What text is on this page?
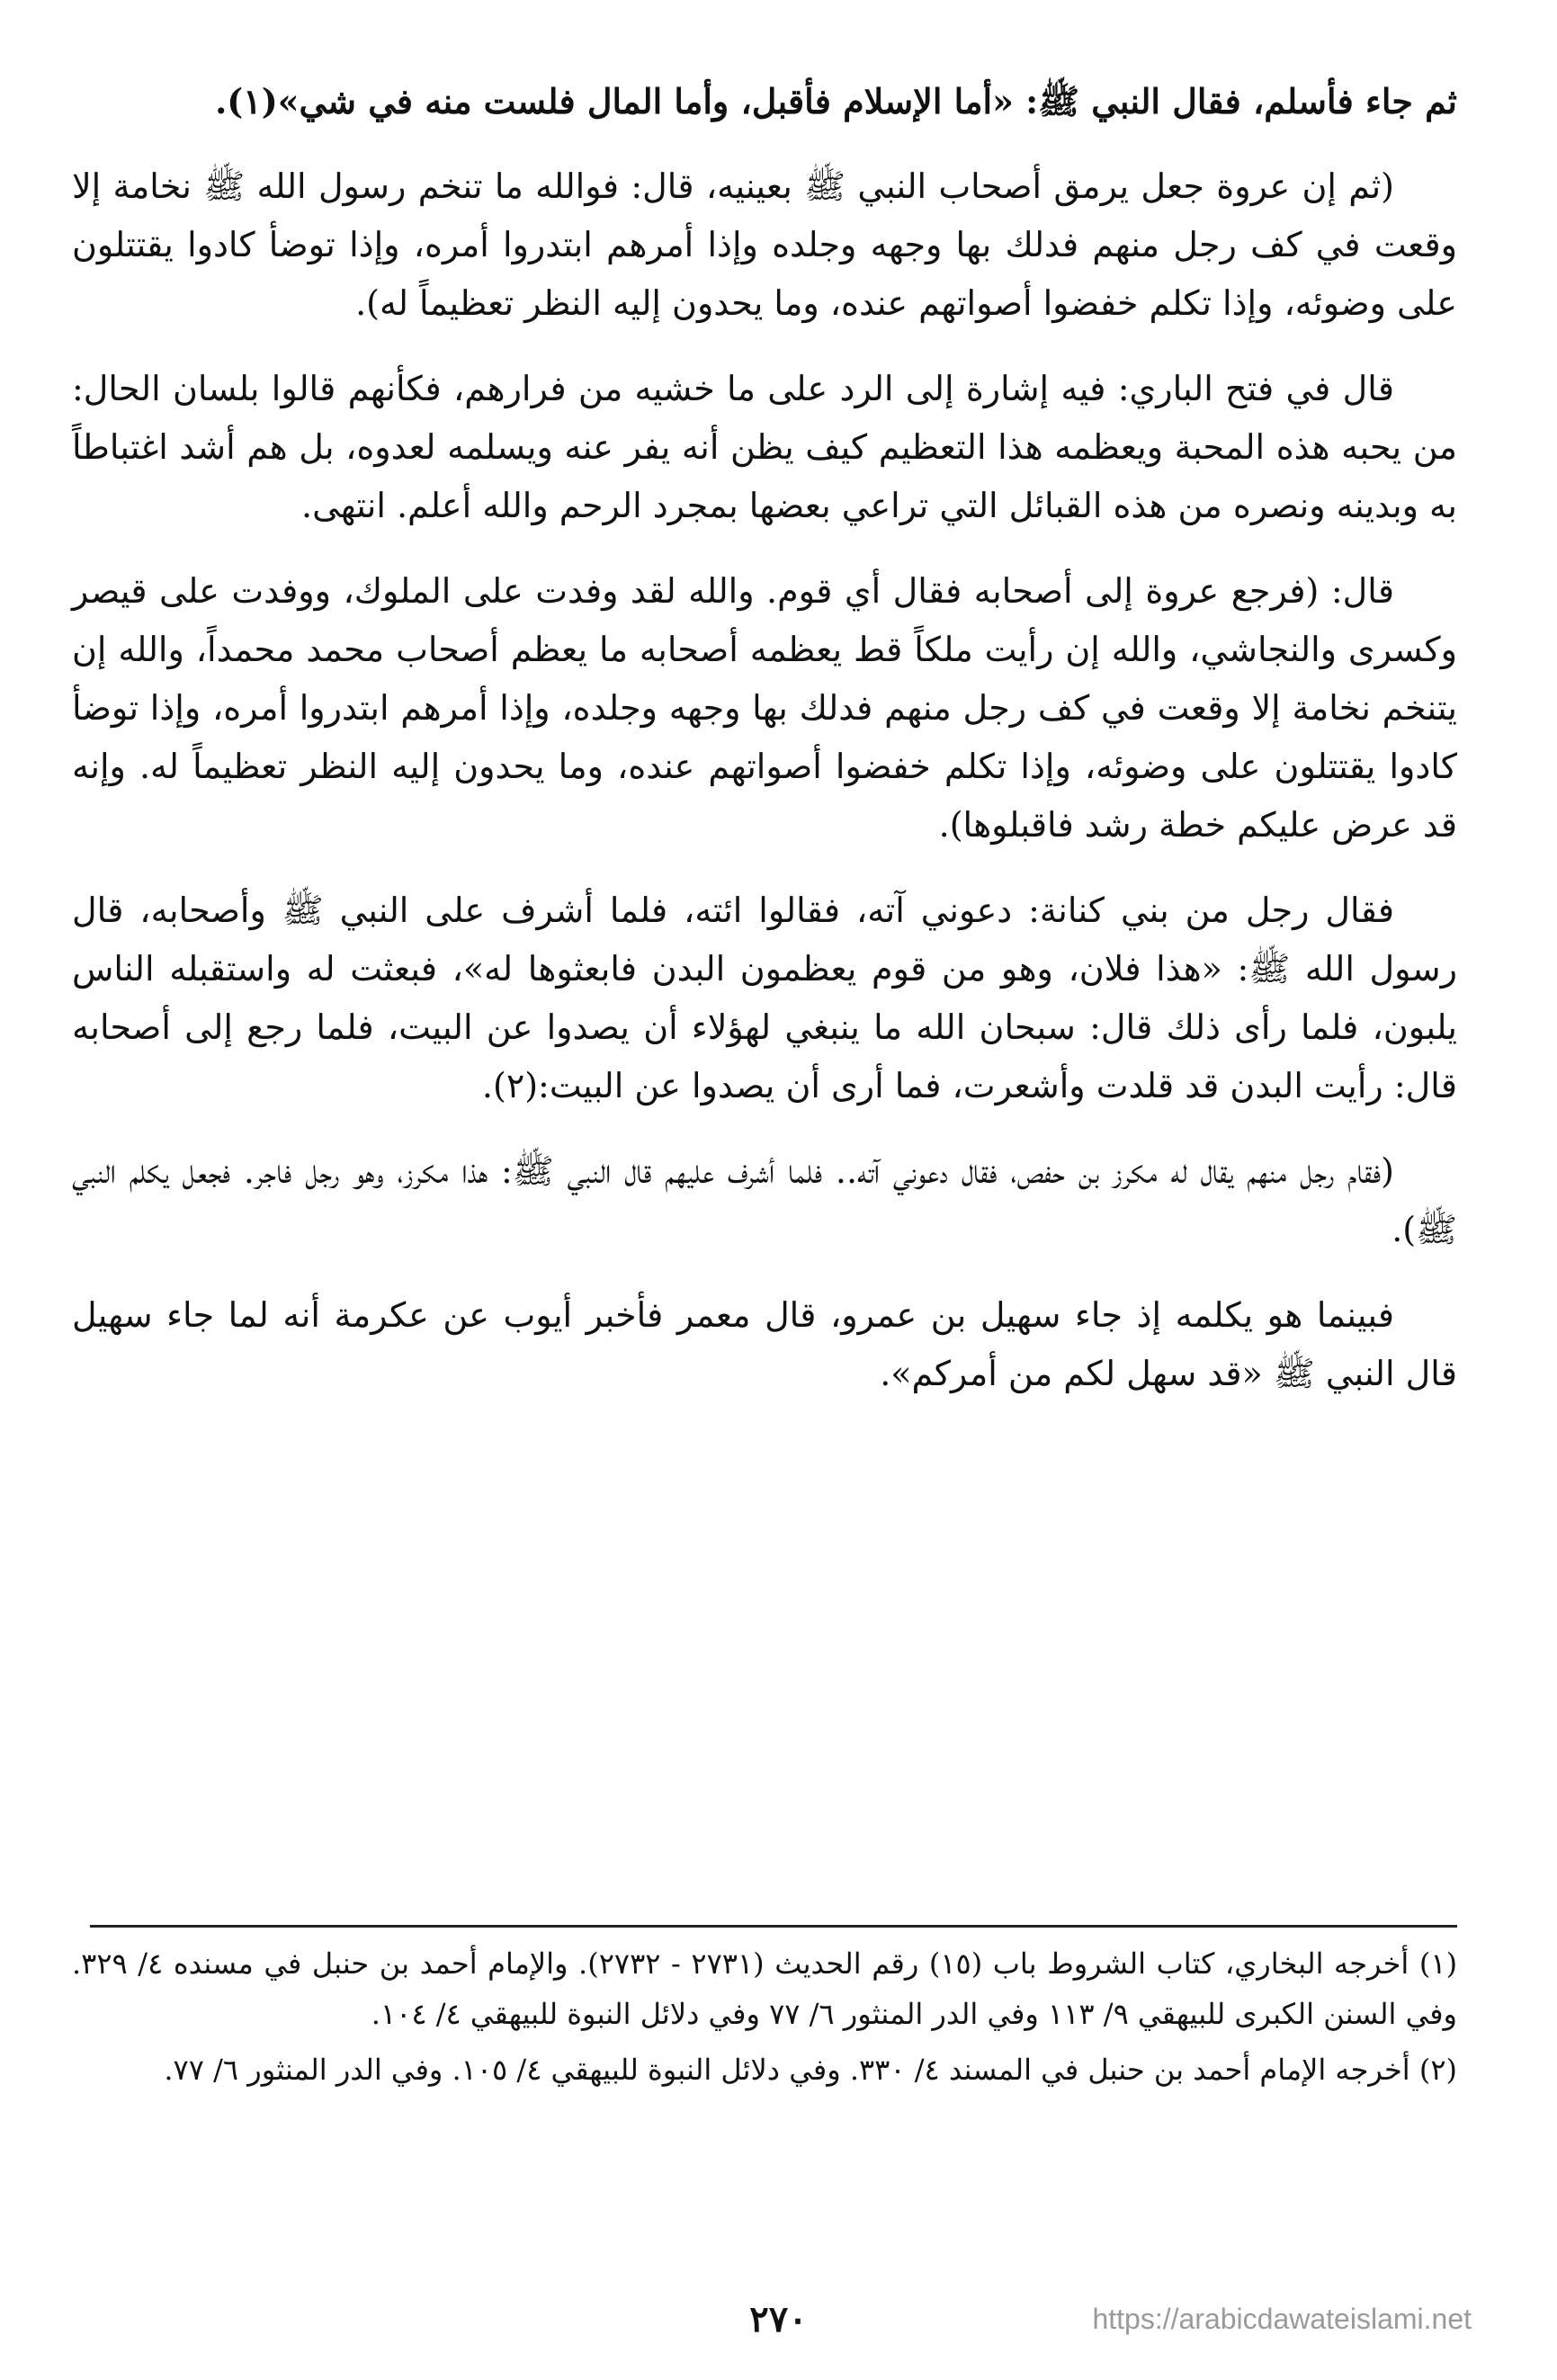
ثم جاء فأسلم، فقال النبي ﷺ: «أما الإسلام فأقبل، وأما المال فلست منه في شي»(١).

(ثم إن عروة جعل يرمق أصحاب النبي ﷺ بعينيه، قال: فوالله ما تنخم رسول الله ﷺ نخامة إلا وقعت في كف رجل منهم فدلك بها وجهه وجلده وإذا أمرهم ابتدروا أمره، وإذا توضأ كادوا يقتتلون على وضوئه، وإذا تكلم خفضوا أصواتهم عنده، وما يحدون إليه النظر تعظيماً له).

قال في فتح الباري: فيه إشارة إلى الرد على ما خشيه من فرارهم، فكأنهم قالوا بلسان الحال: من يحبه هذه المحبة ويعظمه هذا التعظيم كيف يظن أنه يفر عنه ويسلمه لعدوه، بل هم أشد اغتباطاً به وبدينه ونصره من هذه القبائل التي تراعي بعضها بمجرد الرحم والله أعلم. انتهى.

قال: (فرجع عروة إلى أصحابه فقال أي قوم. والله لقد وفدت على الملوك، ووفدت على قيصر وكسرى والنجاشي، والله إن رأيت ملكاً قط يعظمه أصحابه ما يعظم أصحاب محمد محمداً، والله إن يتنخم نخامة إلا وقعت في كف رجل منهم فدلك بها وجهه وجلده، وإذا أمرهم ابتدروا أمره، وإذا توضأ كادوا يقتتلون على وضوئه، وإذا تكلم خفضوا أصواتهم عنده، وما يحدون إليه النظر تعظيماً له. وإنه قد عرض عليكم خطة رشد فاقبلوها).

فقال رجل من بني كنانة: دعوني آته، فقالوا ائته، فلما أشرف على النبي ﷺ وأصحابه، قال رسول الله ﷺ: «هذا فلان، وهو من قوم يعظمون البدن فابعثوها له»، فبعثت له واستقبله الناس يلبون، فلما رأى ذلك قال: سبحان الله ما ينبغي لهؤلاء أن يصدوا عن البيت، فلما رجع إلى أصحابه قال: رأيت البدن قد قلدت وأشعرت، فما أرى أن يصدوا عن البيت:(٢).

(فقام رجل منهم يقال له مكرز بن حفص، فقال دعوني آته.. فلما أشرف عليهم قال النبي ﷺ: هذا مكرز، وهو رجل فاجر. فجعل يكلم النبي ﷺ).

فبينما هو يكلمه إذ جاء سهيل بن عمرو، قال معمر فأخبر أيوب عن عكرمة أنه لما جاء سهيل قال النبي ﷺ «قد سهل لكم من أمركم».

(١) أخرجه البخاري، كتاب الشروط باب (١٥) رقم الحديث (٢٧٣١ - ٢٧٣٢). والإمام أحمد بن حنبل في مسنده ٤/ ٣٢٩. وفي السنن الكبرى للبيهقي ٩/ ١١٣ وفي الدر المنثور ٦/ ٧٧ وفي دلائل النبوة للبيهقي ٤/ ١٠٤.

(٢) أخرجه الإمام أحمد بن حنبل في المسند ٤/ ٣٣٠. وفي دلائل النبوة للبيهقي ٤/ ١٠٥. وفي الدر المنثور ٦/ ٧٧.

٢٧٠	https://arabicdawateislami.net
